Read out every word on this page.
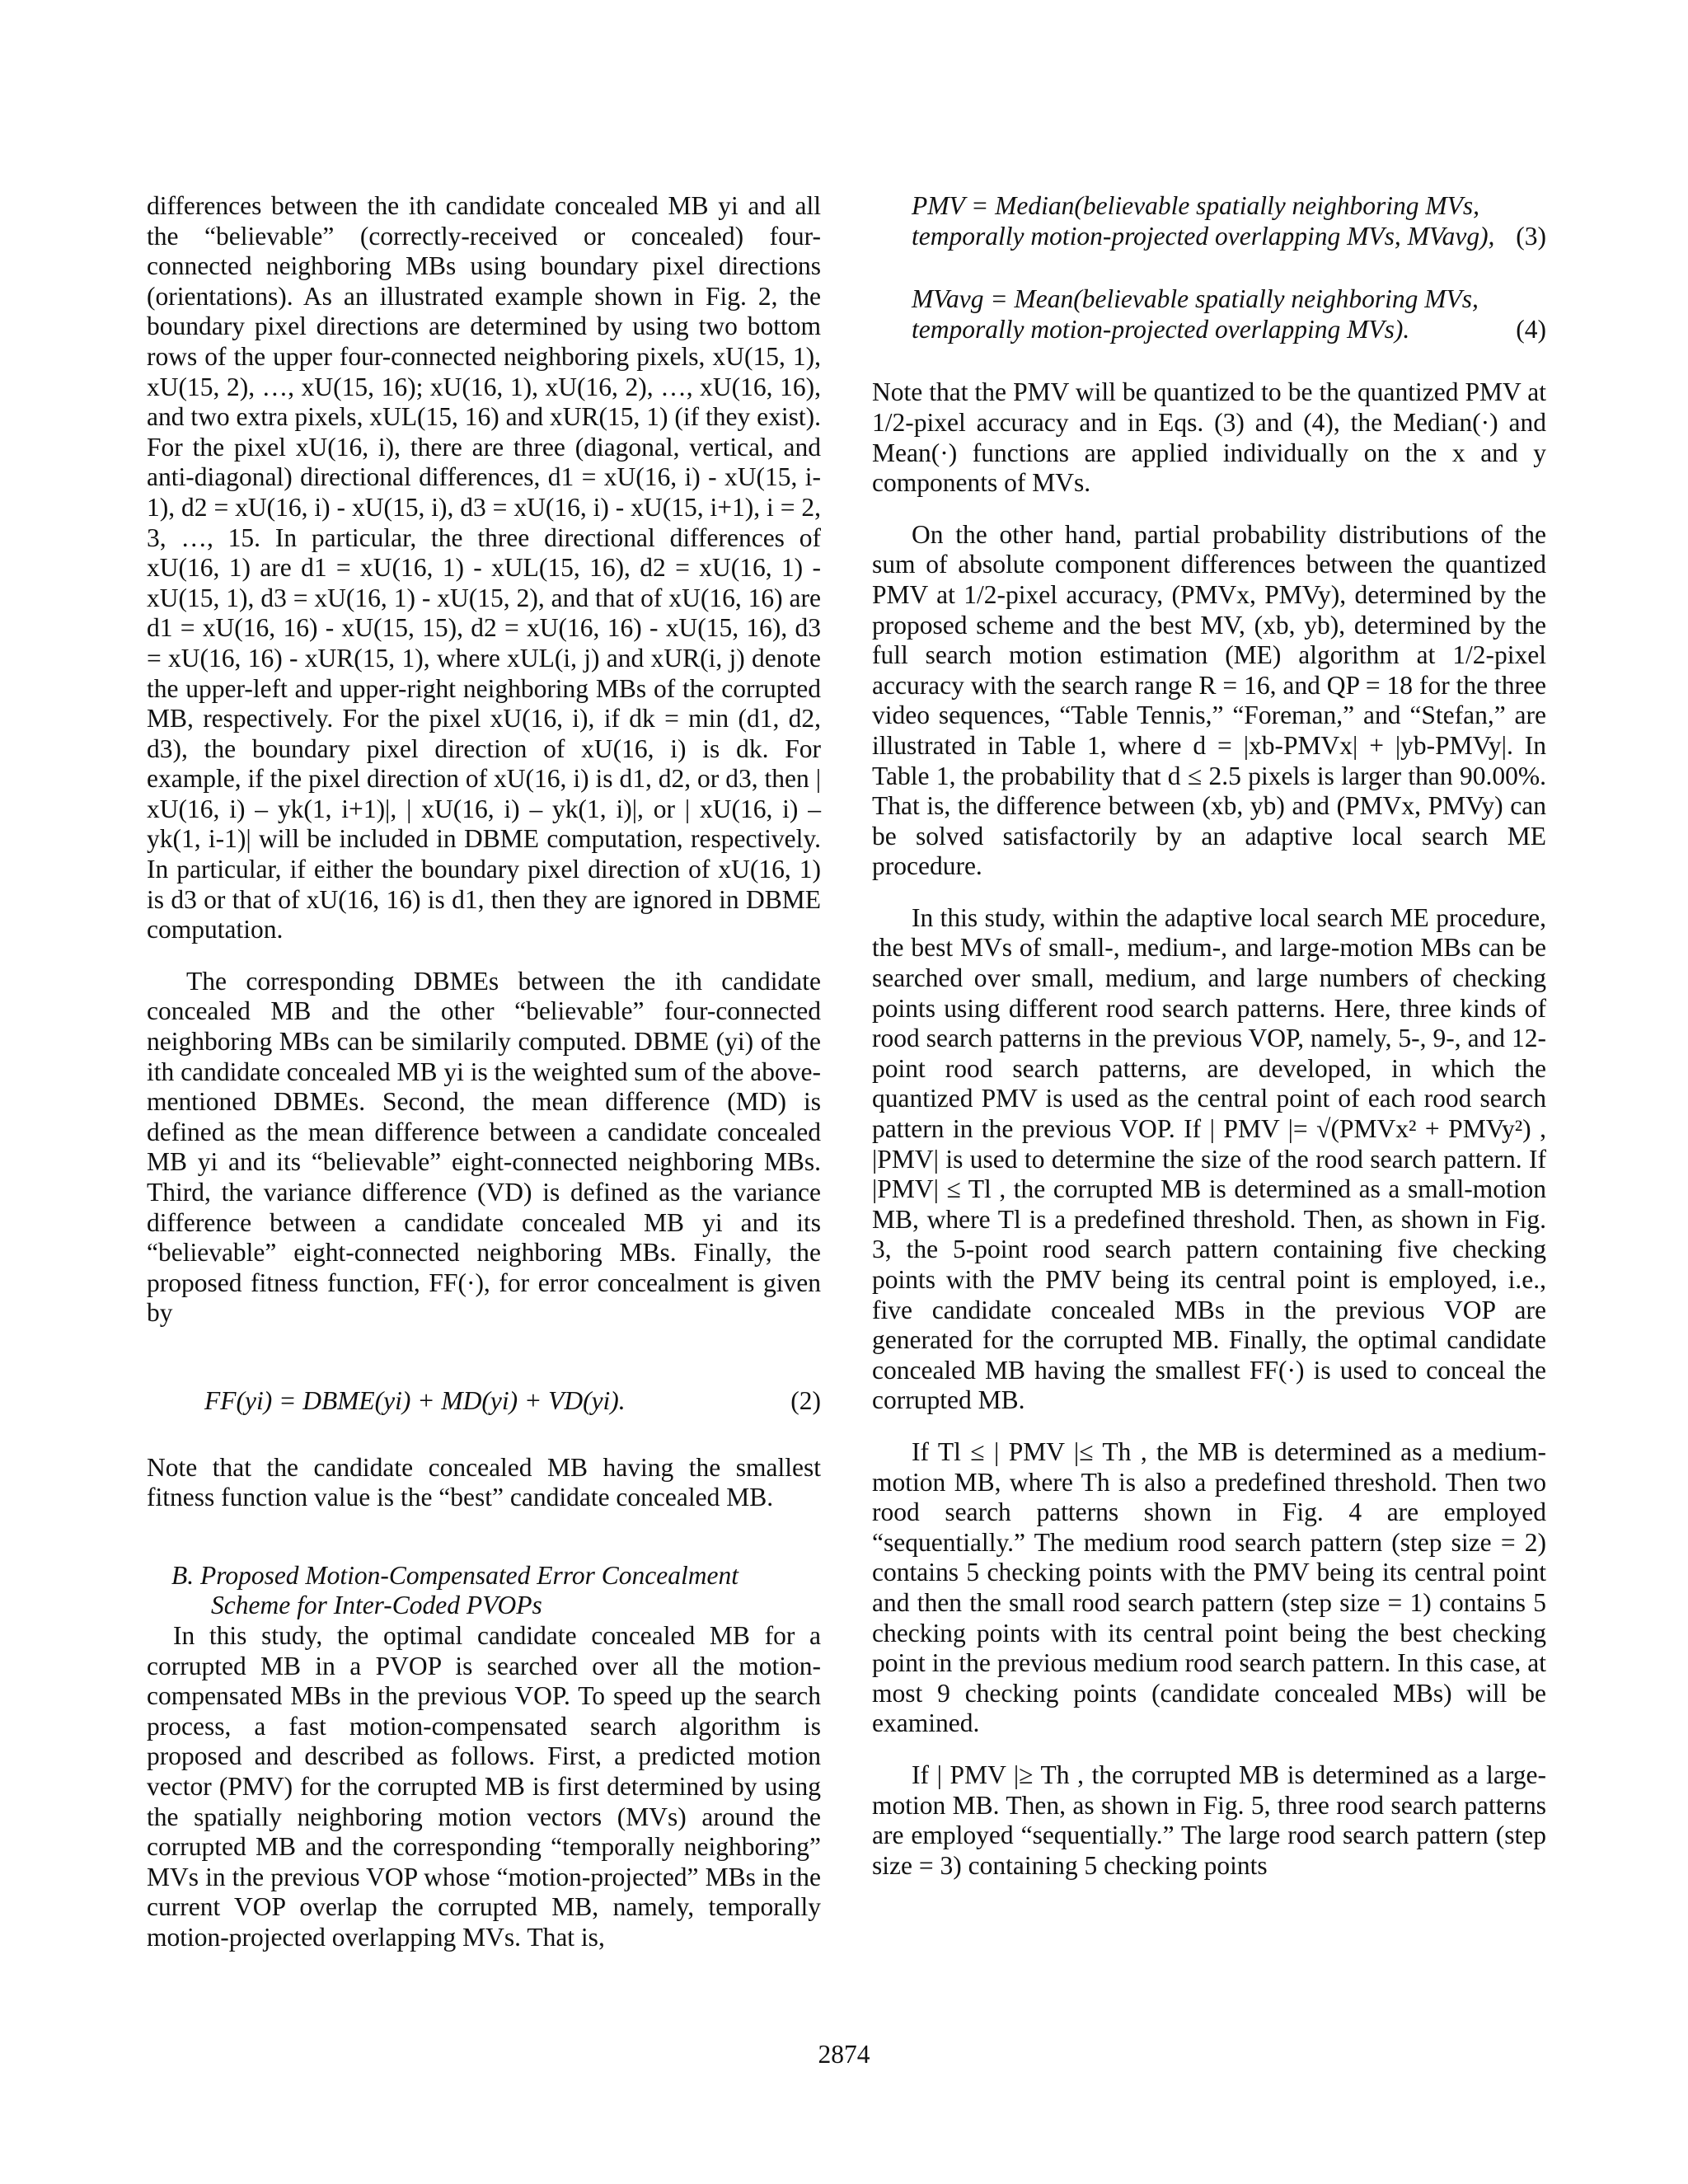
differences between the ith candidate concealed MB yi and all the “believable” (correctly-received or concealed) four-connected neighboring MBs using boundary pixel directions (orientations). As an illustrated example shown in Fig. 2, the boundary pixel directions are determined by using two bottom rows of the upper four-connected neighboring pixels, xU(15, 1), xU(15, 2), …, xU(15, 16); xU(16, 1), xU(16, 2), …, xU(16, 16), and two extra pixels, xUL(15, 16) and xUR(15, 1) (if they exist). For the pixel xU(16, i), there are three (diagonal, vertical, and anti-diagonal) directional differences, d1 = xU(16, i) - xU(15, i-1), d2 = xU(16, i) - xU(15, i), d3 = xU(16, i) - xU(15, i+1), i = 2, 3, …, 15. In particular, the three directional differences of xU(16, 1) are d1 = xU(16, 1) - xUL(15, 16), d2 = xU(16, 1) - xU(15, 1), d3 = xU(16, 1) - xU(15, 2), and that of xU(16, 16) are d1 = xU(16, 16) - xU(15, 15), d2 = xU(16, 16) - xU(15, 16), d3 = xU(16, 16) - xUR(15, 1), where xUL(i, j) and xUR(i, j) denote the upper-left and upper-right neighboring MBs of the corrupted MB, respectively. For the pixel xU(16, i), if dk = min (d1, d2, d3), the boundary pixel direction of xU(16, i) is dk. For example, if the pixel direction of xU(16, i) is d1, d2, or d3, then | xU(16, i) – yk(1, i+1)|, | xU(16, i) – yk(1, i)|, or | xU(16, i) – yk(1, i-1)| will be included in DBME computation, respectively. In particular, if either the boundary pixel direction of xU(16, 1) is d3 or that of xU(16, 16) is d1, then they are ignored in DBME computation.

The corresponding DBMEs between the ith candidate concealed MB and the other “believable” four-connected neighboring MBs can be similarily computed. DBME (yi) of the ith candidate concealed MB yi is the weighted sum of the above-mentioned DBMEs. Second, the mean difference (MD) is defined as the mean difference between a candidate concealed MB yi and its “believable” eight-connected neighboring MBs. Third, the variance difference (VD) is defined as the variance difference between a candidate concealed MB yi and its “believable” eight-connected neighboring MBs. Finally, the proposed fitness function, FF(·), for error concealment is given by

FF(yi) = DBME(yi) + MD(yi) + VD(yi).	(2)

Note that the candidate concealed MB having the smallest fitness function value is the “best” candidate concealed MB.

B. Proposed Motion-Compensated Error Concealment
Scheme for Inter-Coded PVOPs

In this study, the optimal candidate concealed MB for a corrupted MB in a PVOP is searched over all the motion-compensated MBs in the previous VOP. To speed up the search process, a fast motion-compensated search algorithm is proposed and described as follows. First, a predicted motion vector (PMV) for the corrupted MB is first determined by using the spatially neighboring motion vectors (MVs) around the corrupted MB and the corresponding “temporally neighboring” MVs in the previous VOP whose “motion-projected” MBs in the current VOP overlap the corrupted MB, namely, temporally motion-projected overlapping MVs. That is,

PMV = Median(believable spatially neighboring MVs,
temporally motion-projected overlapping MVs, MVavg), (3)
MVavg = Mean(believable spatially neighboring MVs,
temporally motion-projected overlapping MVs).	(4)

Note that the PMV will be quantized to be the quantized PMV at 1/2-pixel accuracy and in Eqs. (3) and (4), the Median(·) and Mean(·) functions are applied individually on the x and y components of MVs.

On the other hand, partial probability distributions of the sum of absolute component differences between the quantized PMV at 1/2-pixel accuracy, (PMVx, PMVy), determined by the proposed scheme and the best MV, (xb, yb), determined by the full search motion estimation (ME) algorithm at 1/2-pixel accuracy with the search range R = 16, and QP = 18 for the three video sequences, “Table Tennis,” “Foreman,” and “Stefan,” are illustrated in Table 1, where d = |xb-PMVx| + |yb-PMVy|. In Table 1, the probability that d ≤ 2.5 pixels is larger than 90.00%. That is, the difference between (xb, yb) and (PMVx, PMVy) can be solved satisfactorily by an adaptive local search ME procedure.

In this study, within the adaptive local search ME procedure, the best MVs of small-, medium-, and large-motion MBs can be searched over small, medium, and large numbers of checking points using different rood search patterns. Here, three kinds of rood search patterns in the previous VOP, namely, 5-, 9-, and 12-point rood search patterns, are developed, in which the quantized PMV is used as the central point of each rood search pattern in the previous VOP. If | PMV |= √(PMVx² + PMVy²) , |PMV| is used to determine the size of the rood search pattern. If |PMV| ≤ Tl , the corrupted MB is determined as a small-motion MB, where Tl is a predefined threshold. Then, as shown in Fig. 3, the 5-point rood search pattern containing five checking points with the PMV being its central point is employed, i.e., five candidate concealed MBs in the previous VOP are generated for the corrupted MB. Finally, the optimal candidate concealed MB having the smallest FF(·) is used to conceal the corrupted MB.

If Tl ≤ | PMV |≤ Th , the MB is determined as a medium-motion MB, where Th is also a predefined threshold. Then two rood search patterns shown in Fig. 4 are employed “sequentially.” The medium rood search pattern (step size = 2) contains 5 checking points with the PMV being its central point and then the small rood search pattern (step size = 1) contains 5 checking points with its central point being the best checking point in the previous medium rood search pattern. In this case, at most 9 checking points (candidate concealed MBs) will be examined.

If | PMV |≥ Th , the corrupted MB is determined as a large-motion MB. Then, as shown in Fig. 5, three rood search patterns are employed “sequentially.” The large rood search pattern (step size = 3) containing 5 checking points

2874
